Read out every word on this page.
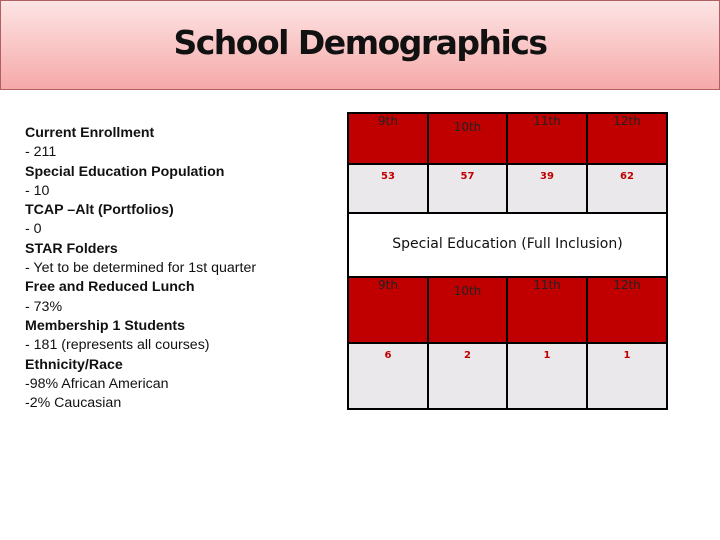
School Demographics
Current Enrollment
- 211
Special Education Population
- 10
TCAP –Alt (Portfolios)
- 0
STAR Folders
- Yet to be determined for 1st quarter
Free and Reduced Lunch
- 73%
Membership 1 Students
- 181 (represents all courses)
Ethnicity/Race
-98% African American
-2% Caucasian
9th
53
9th
6
10th
57
10th
2
11th
39
11th
1
12th
62
12th
1
Special Education (Full Inclusion)
